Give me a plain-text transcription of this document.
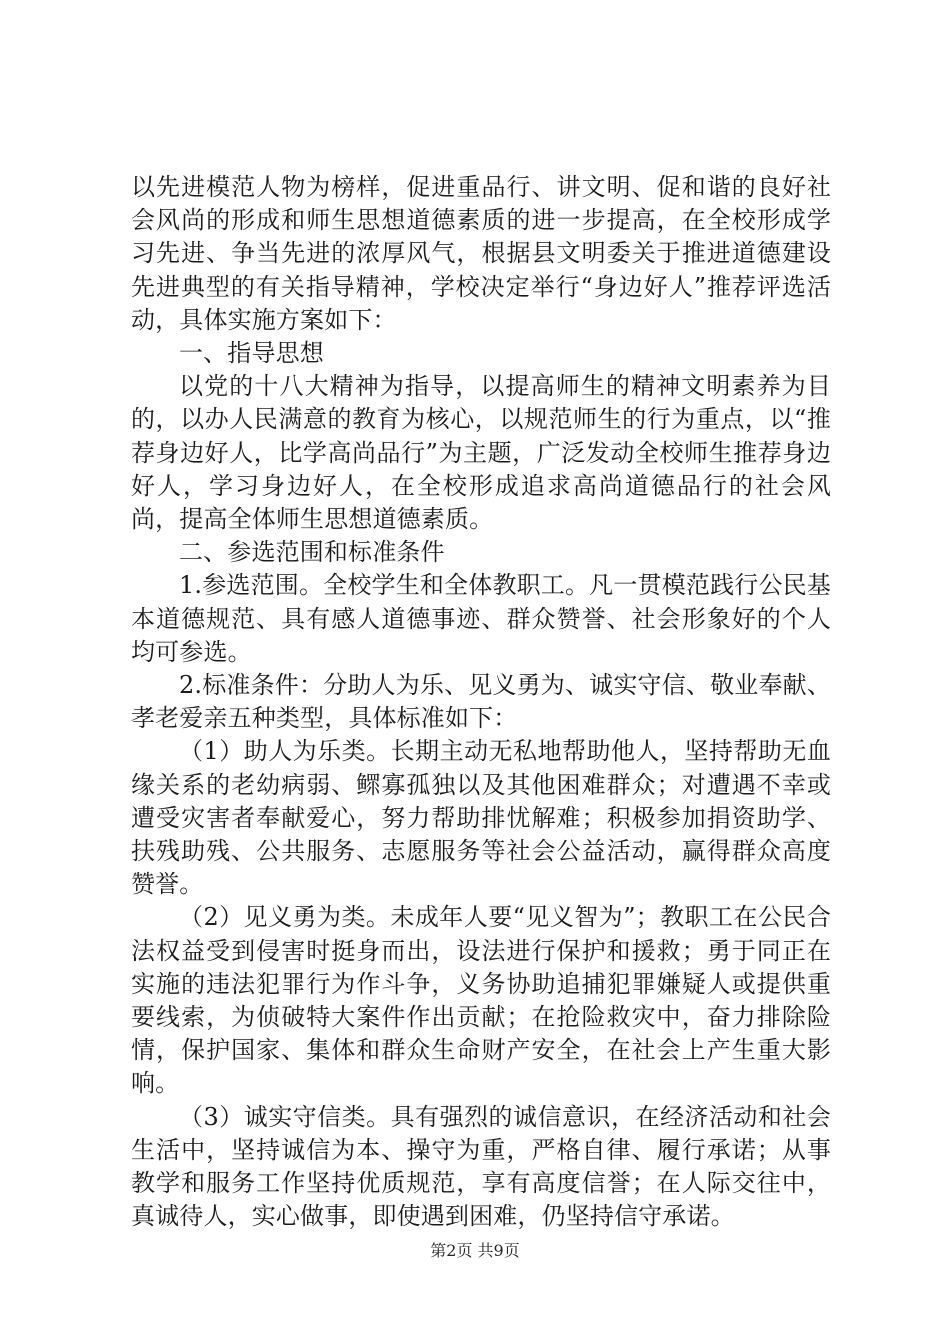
以先进模范人物为榜样，促进重品行、讲文明、促和谐的良好社会风尚的形成和师生思想道德素质的进一步提高，在全校形成学习先进、争当先进的浓厚风气，根据县文明委关于推进道德建设先进典型的有关指导精神，学校决定举行“身边好人”推荐评选活动，具体实施方案如下：

一、指导思想

以党的十八大精神为指导，以提高师生的精神文明素养为目的，以办人民满意的教育为核心，以规范师生的行为重点，以“推荐身边好人，比学高尚品行”为主题，广泛发动全校师生推荐身边好人，学习身边好人，在全校形成追求高尚道德品行的社会风尚，提高全体师生思想道德素质。

二、参选范围和标准条件

1.参选范围。全校学生和全体教职工。凡一贯模范践行公民基本道德规范、具有感人道德事迹、群众赞誉、社会形象好的个人均可参选。

2.标准条件：分助人为乐、见义勇为、诚实守信、敬业奉献、孝老爱亲五种类型，具体标准如下：

（1）助人为乐类。长期主动无私地帮助他人，坚持帮助无血缘关系的老幼病弱、鳏寡孤独以及其他困难群众；对遭遇不幸或遭受灾害者奉献爱心，努力帮助排忧解难；积极参加捐资助学、扶残助残、公共服务、志愿服务等社会公益活动，赢得群众高度赞誉。

（2）见义勇为类。未成年人要“见义智为”；教职工在公民合法权益受到侵害时挺身而出，设法进行保护和援救；勇于同正在实施的违法犯罪行为作斗争，义务协助追捕犯罪嫌疑人或提供重要线索，为侦破特大案件作出贡献；在抢险救灾中，奋力排除险情，保护国家、集体和群众生命财产安全，在社会上产生重大影响。

（3）诚实守信类。具有强烈的诚信意识，在经济活动和社会生活中，坚持诚信为本、操守为重，严格自律、履行承诺；从事教学和服务工作坚持优质规范，享有高度信誉；在人际交往中，真诚待人，实心做事，即使遇到困难，仍坚持信守承诺。

第2页 共9页
